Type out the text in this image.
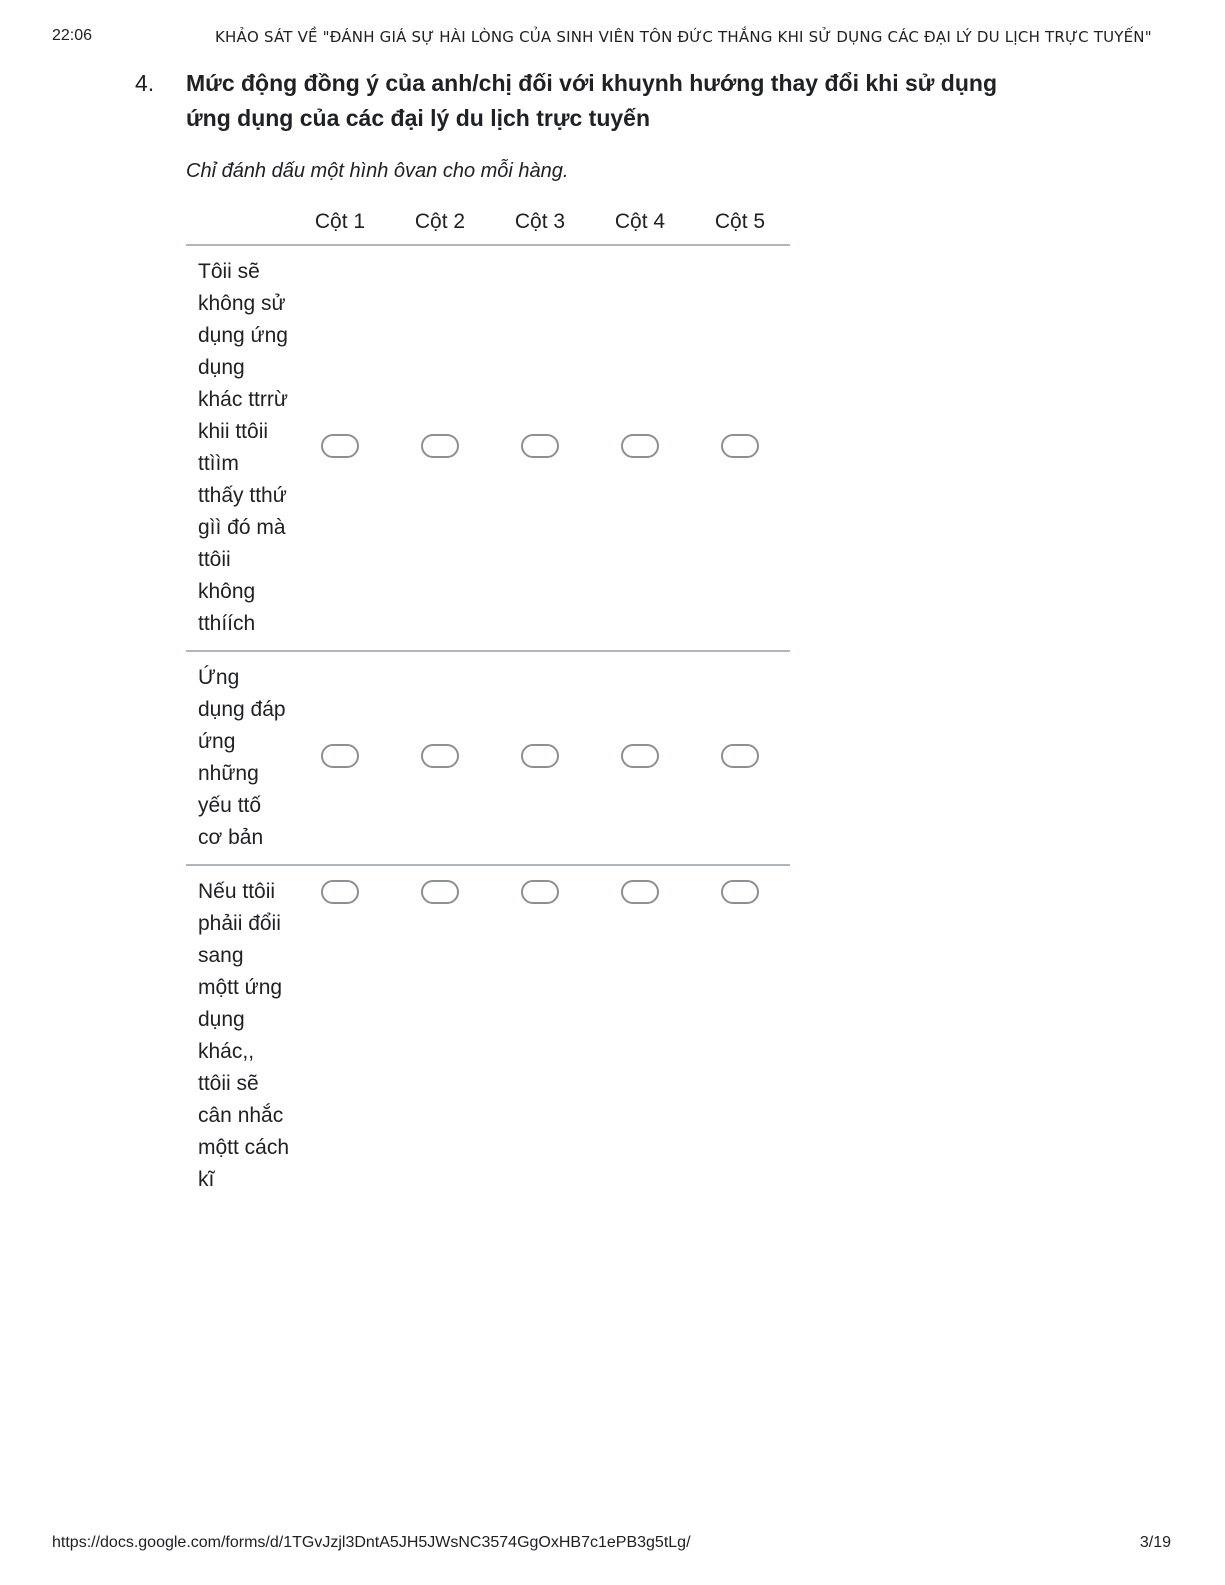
22:06	KHẢO SÁT VỀ "ĐÁNH GIÁ SỰ HÀI LÒNG CỦA SINH VIÊN TÔN ĐỨC THẮNG KHI SỬ DỤNG CÁC ĐẠI LÝ DU LỊCH TRỰC TUYẾN"
4. Mức động đồng ý của anh/chị đối với khuynh hướng thay đổi khi sử dụng ứng dụng của các đại lý du lịch trực tuyến
Chỉ đánh dấu một hình ôvan cho mỗi hàng.
	Cột 1	Cột 2	Cột 3	Cột 4	Cột 5
Tôii sẽ không sử dụng ứng dụng khác ttrrừ khii ttôii ttììm tthấy tthứ gìì đó mà ttôii không tthíích					
Ứng dụng đáp ứng những yếu ttố cơ bản					
Nếu ttôii phảii đổii sang mộtt ứng dụng khác,, ttôii sẽ cân nhắc mộtt cách kĩ					
https://docs.google.com/forms/d/1TGvJzjl3DntA5JH5JWsNC3574GgOxHB7c1ePB3g5tLg/	3/19
